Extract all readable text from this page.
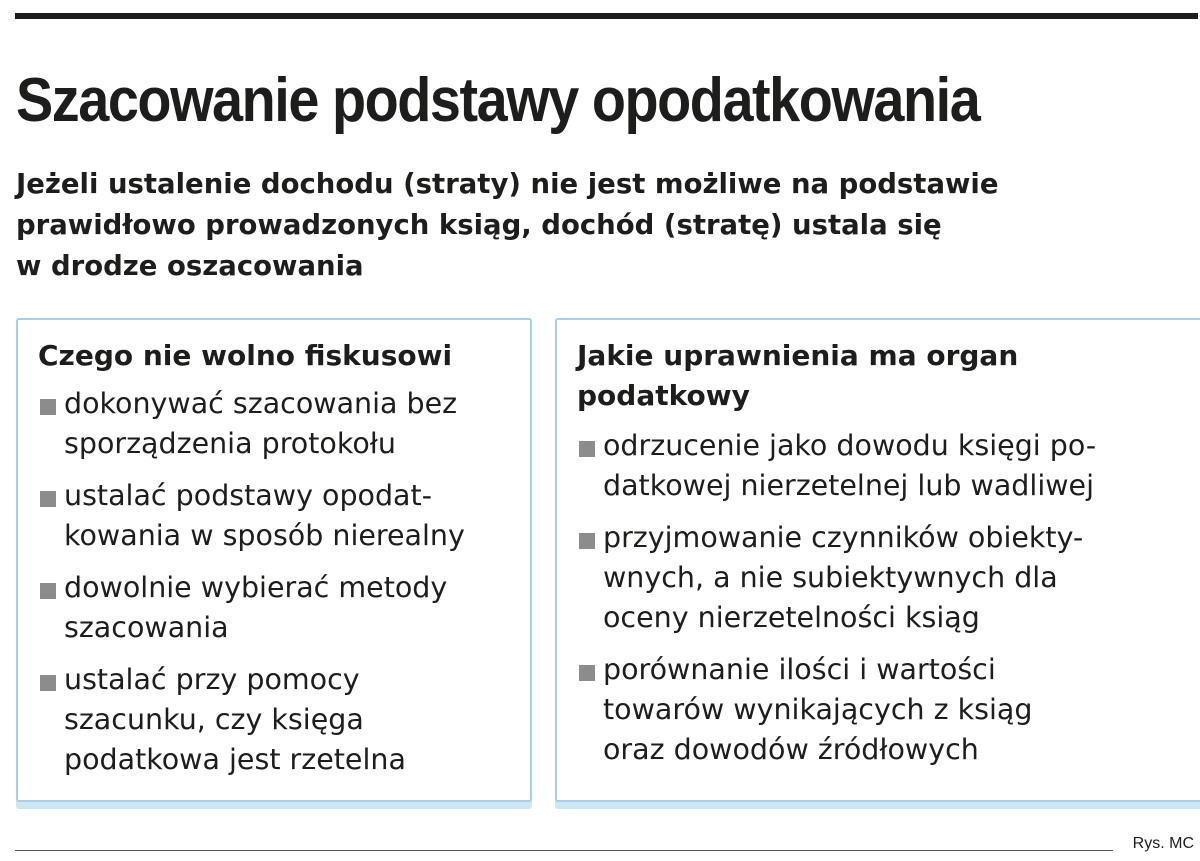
Szacowanie podstawy opodatkowania

Jeżeli ustalenie dochodu (straty) nie jest możliwe na podstawie
prawidłowo prowadzonych ksiąg, dochód (stratę) ustala się
w drodze oszacowania

Czego nie wolno fiskusowi
dokonywać szacowania bez
sporządzenia protokołu
ustalać podstawy opodat-
kowania w sposób nierealny
dowolnie wybierać metody
szacowania
ustalać przy pomocy
szacunku, czy księga
podatkowa jest rzetelna
Jakie uprawnienia ma organ
podatkowy
odrzucenie jako dowodu księgi po-
datkowej nierzetelnej lub wadliwej
przyjmowanie czynników obiekty-
wnych, a nie subiektywnych dla
oceny nierzetelności ksiąg
porównanie ilości i wartości
towarów wynikających z ksiąg
oraz dowodów źródłowych

Rys. MC
